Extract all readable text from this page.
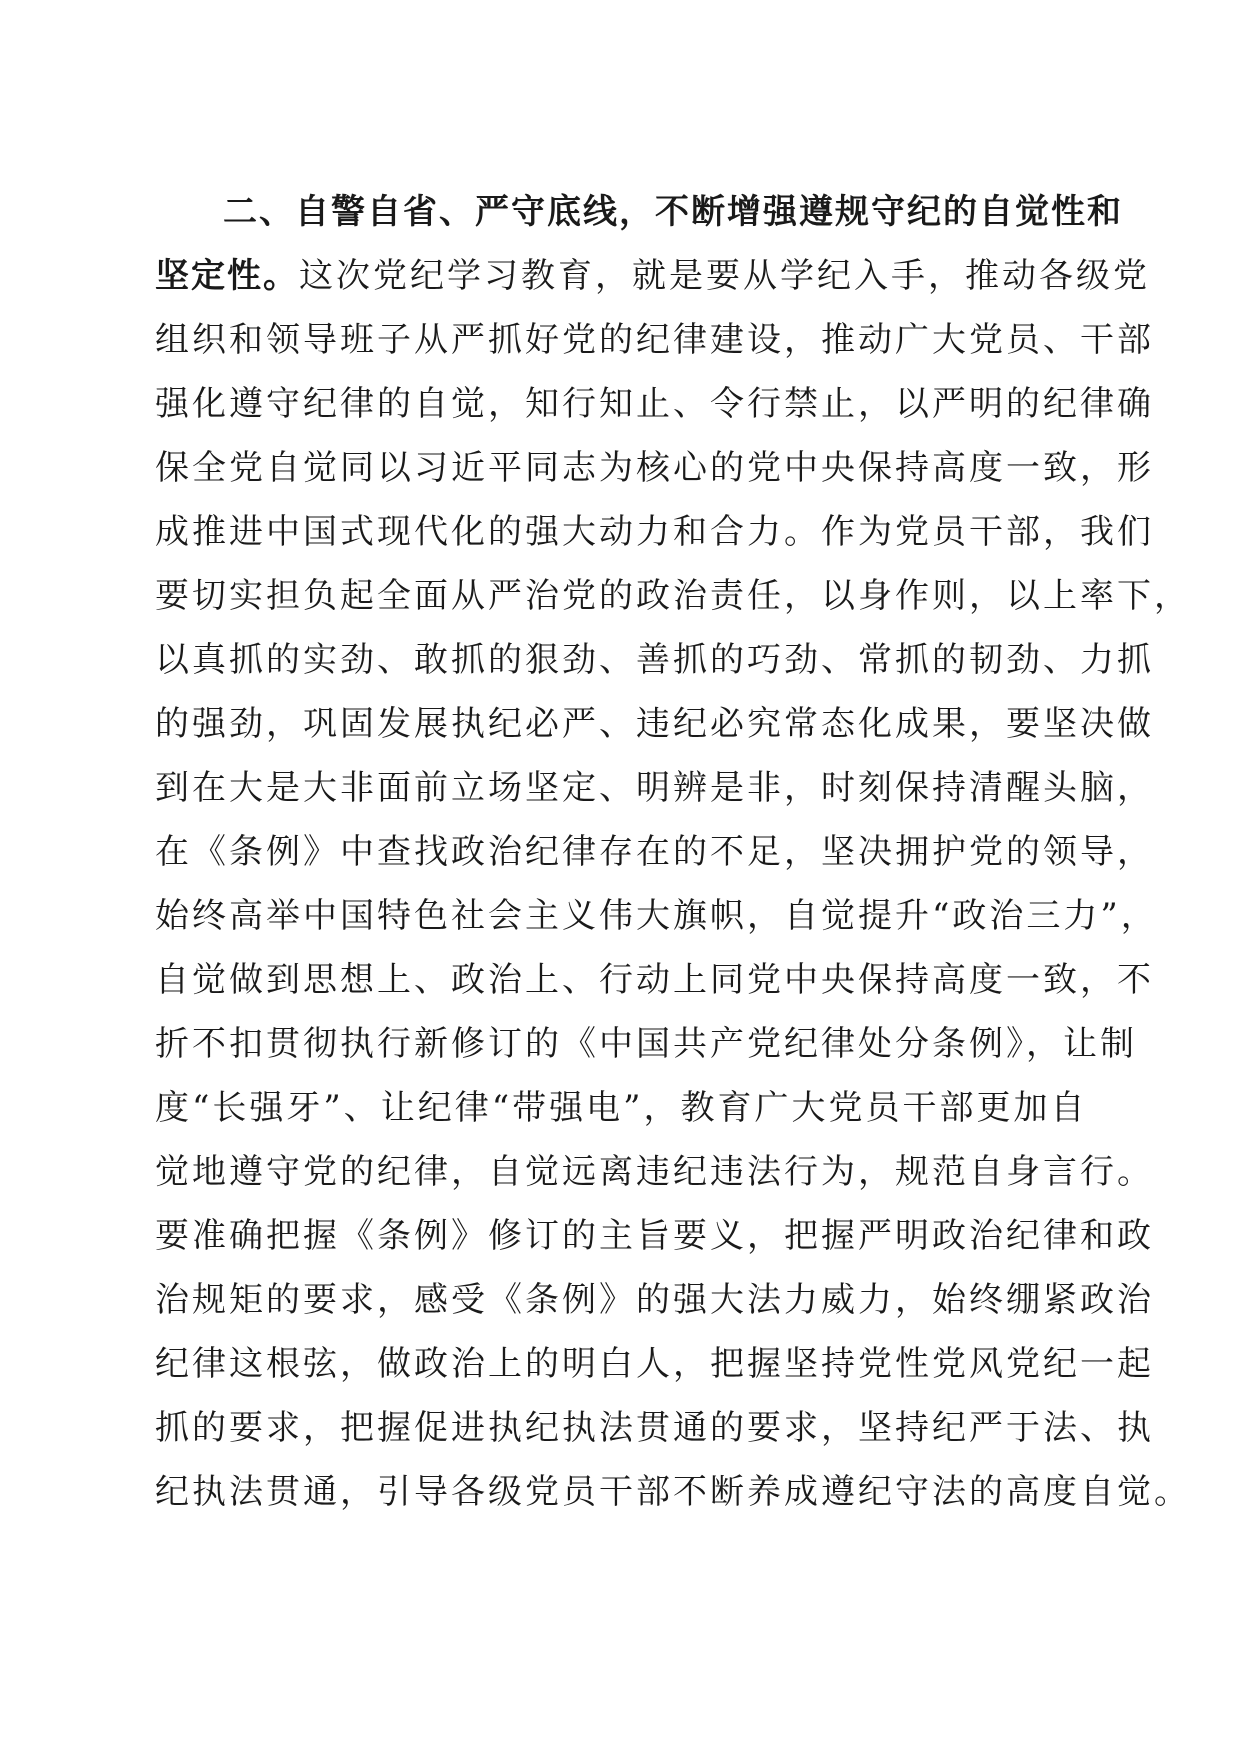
二、自警自省、严守底线，不断增强遵规守纪的自觉性和
坚定性。这次党纪学习教育，就是要从学纪入手，推动各级党
组织和领导班子从严抓好党的纪律建设，推动广大党员、干部
强化遵守纪律的自觉，知行知止、令行禁止，以严明的纪律确
保全党自觉同以习近平同志为核心的党中央保持高度一致，形
成推进中国式现代化的强大动力和合力。作为党员干部，我们
要切实担负起全面从严治党的政治责任，以身作则，以上率下，
以真抓的实劲、敢抓的狠劲、善抓的巧劲、常抓的韧劲、力抓
的强劲，巩固发展执纪必严、违纪必究常态化成果，要坚决做
到在大是大非面前立场坚定、明辨是非，时刻保持清醒头脑，
在《条例》中查找政治纪律存在的不足，坚决拥护党的领导，
始终高举中国特色社会主义伟大旗帜，自觉提升“政治三力”，
自觉做到思想上、政治上、行动上同党中央保持高度一致，不
折不扣贯彻执行新修订的《中国共产党纪律处分条例》，让制
度“长强牙”、让纪律“带强电”，教育广大党员干部更加自
觉地遵守党的纪律，自觉远离违纪违法行为，规范自身言行。
要准确把握《条例》修订的主旨要义，把握严明政治纪律和政
治规矩的要求，感受《条例》的强大法力威力，始终绷紧政治
纪律这根弦，做政治上的明白人，把握坚持党性党风党纪一起
抓的要求，把握促进执纪执法贯通的要求，坚持纪严于法、执
纪执法贯通，引导各级党员干部不断养成遵纪守法的高度自觉。
